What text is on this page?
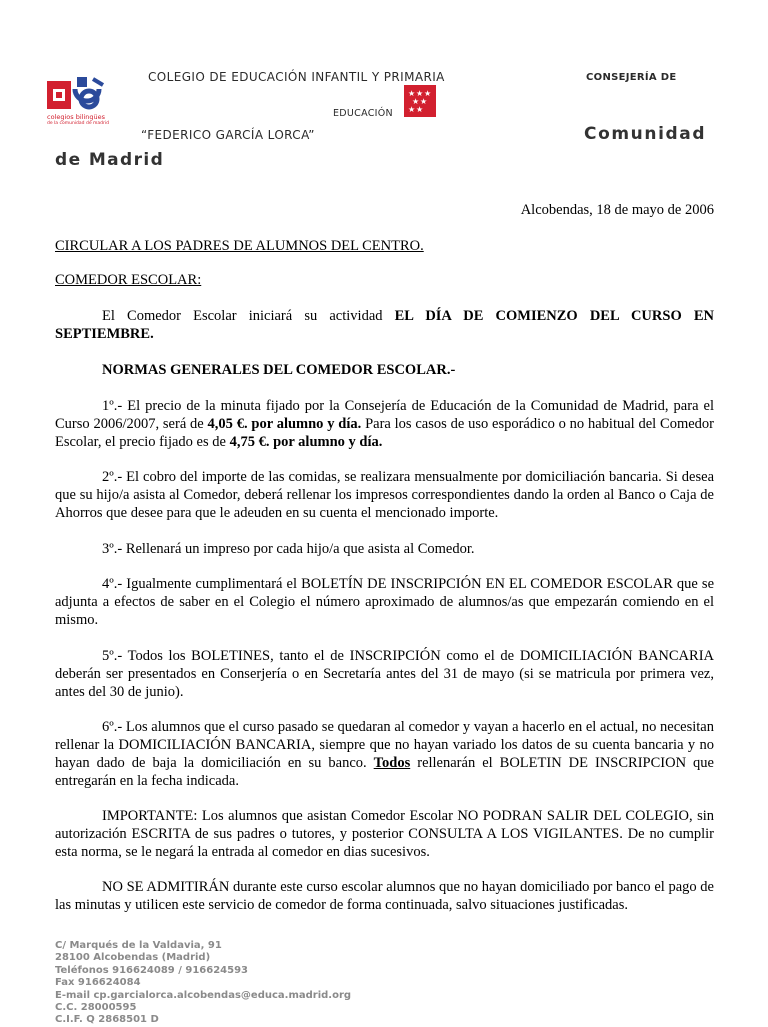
colegios bilingües
de la comunidad de madrid
COLEGIO DE EDUCACIÓN INFANTIL Y PRIMARIA	CONSEJERÍA DE
EDUCACIÓN
★ ★ ★
★ ★
★ ★
“FEDERICO GARCÍA LORCA”	Comunidad
de Madrid
Alcobendas, 18 de mayo de 2006
CIRCULAR A LOS PADRES DE ALUMNOS DEL CENTRO.
COMEDOR ESCOLAR:
El Comedor Escolar iniciará su actividad EL DÍA DE COMIENZO DEL CURSO EN SEPTIEMBRE.
NORMAS GENERALES DEL COMEDOR ESCOLAR.-
1º.- El precio de la minuta fijado por la Consejería de Educación de la Comunidad de Madrid, para el Curso 2006/2007, será de 4,05 €. por alumno y día. Para los casos de uso esporádico o no habitual del Comedor Escolar, el precio fijado es de 4,75 €. por alumno y día.
2º.- El cobro del importe de las comidas, se realizara mensualmente por domiciliación bancaria. Si desea que su hijo/a asista al Comedor, deberá rellenar los impresos correspondientes dando la orden al Banco o Caja de Ahorros que desee para que le adeuden en su cuenta el mencionado importe.
3º.- Rellenará un impreso por cada hijo/a que asista al Comedor.
4º.- Igualmente cumplimentará el BOLETÍN DE INSCRIPCIÓN EN EL COMEDOR ESCOLAR que se adjunta a efectos de saber en el Colegio el número aproximado de alumnos/as que empezarán comiendo en el mismo.
5º.- Todos los BOLETINES, tanto el de INSCRIPCIÓN como el de DOMICILIACIÓN BANCARIA deberán ser presentados en Conserjería o en Secretaría antes del 31 de mayo (si se matricula por primera vez, antes del 30 de junio).
6º.- Los alumnos que el curso pasado se quedaran al comedor y vayan a hacerlo en el actual, no necesitan rellenar la DOMICILIACIÓN BANCARIA, siempre que no hayan variado los datos de su cuenta bancaria y no hayan dado de baja la domiciliación en su banco. Todos rellenarán el BOLETIN DE INSCRIPCION que entregarán en la fecha indicada.
IMPORTANTE: Los alumnos que asistan Comedor Escolar NO PODRAN SALIR DEL COLEGIO, sin autorización ESCRITA de sus padres o tutores, y posterior CONSULTA A LOS VIGILANTES. De no cumplir esta norma, se le negará la entrada al comedor en dias sucesivos.
NO SE ADMITIRÁN durante este curso escolar alumnos que no hayan domiciliado por banco el pago de las minutas y utilicen este servicio de comedor de forma continuada, salvo situaciones justificadas.
C/ Marqués de la Valdavia, 91
28100 Alcobendas (Madrid)
Teléfonos 916624089 / 916624593
Fax 916624084
E-mail cp.garcialorca.alcobendas@educa.madrid.org
C.C. 28000595
C.I.F. Q 2868501 D
